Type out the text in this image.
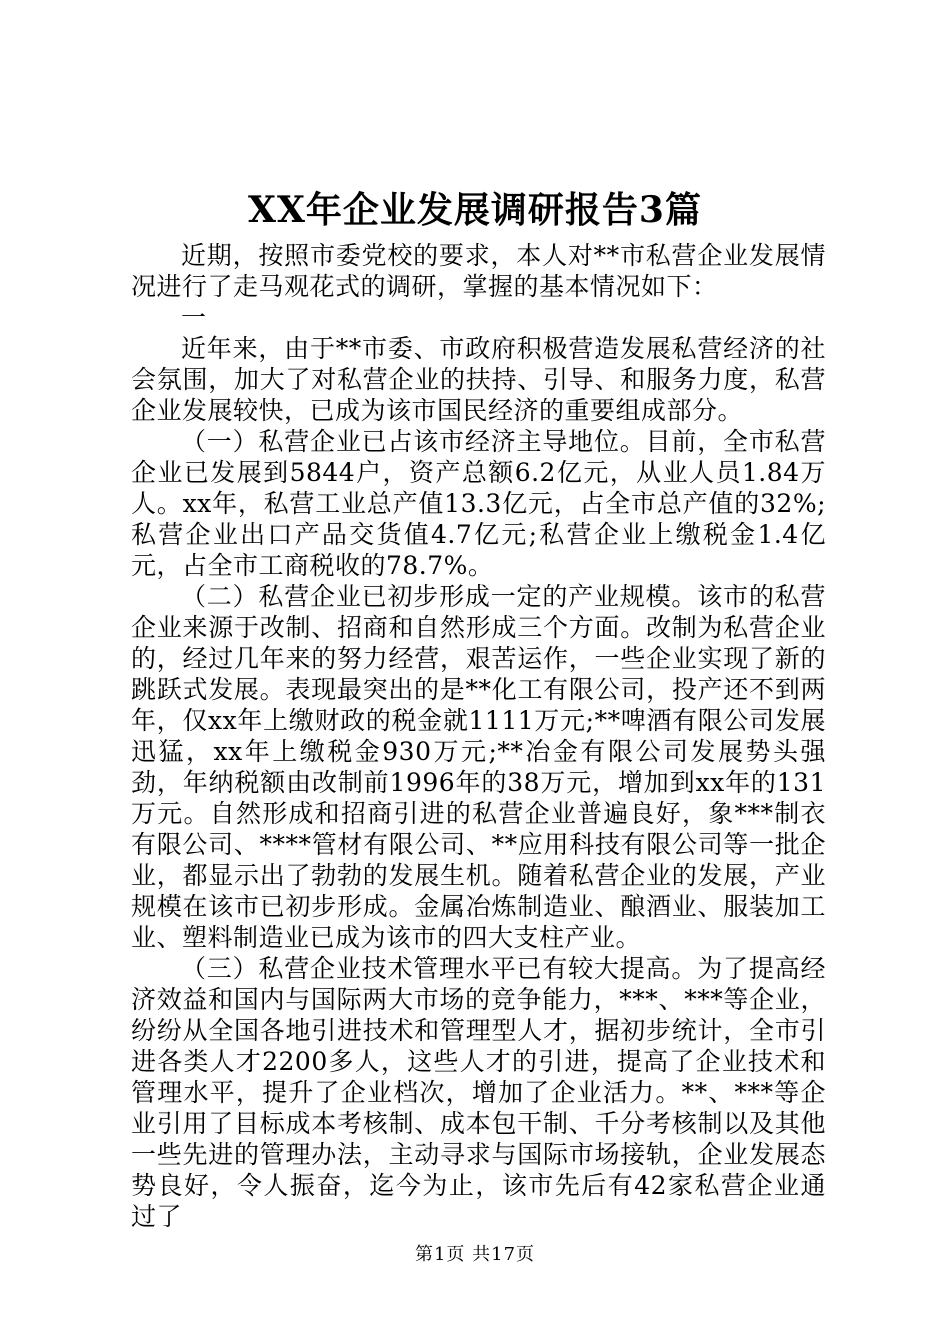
XX年企业发展调研报告3篇

近期，按照市委党校的要求，本人对**市私营企业发展情况进行了走马观花式的调研，掌握的基本情况如下：

一

近年来，由于**市委、市政府积极营造发展私营经济的社会氛围，加大了对私营企业的扶持、引导、和服务力度，私营企业发展较快，已成为该市国民经济的重要组成部分。

（一）私营企业已占该市经济主导地位。目前，全市私营企业已发展到5844户，资产总额6.2亿元，从业人员1.84万人。xx年，私营工业总产值13.3亿元，占全市总产值的32%;私营企业出口产品交货值4.7亿元;私营企业上缴税金1.4亿元，占全市工商税收的78.7%。

（二）私营企业已初步形成一定的产业规模。该市的私营企业来源于改制、招商和自然形成三个方面。改制为私营企业的，经过几年来的努力经营，艰苦运作，一些企业实现了新的跳跃式发展。表现最突出的是**化工有限公司，投产还不到两年，仅xx年上缴财政的税金就1111万元;**啤酒有限公司发展迅猛，xx年上缴税金930万元;**冶金有限公司发展势头强劲，年纳税额由改制前1996年的38万元，增加到xx年的131万元。自然形成和招商引进的私营企业普遍良好，象***制衣有限公司、****管材有限公司、**应用科技有限公司等一批企业，都显示出了勃勃的发展生机。随着私营企业的发展，产业规模在该市已初步形成。金属冶炼制造业、酿酒业、服装加工业、塑料制造业已成为该市的四大支柱产业。

（三）私营企业技术管理水平已有较大提高。为了提高经济效益和国内与国际两大市场的竞争能力，***、***等企业，纷纷从全国各地引进技术和管理型人才，据初步统计，全市引进各类人才2200多人，这些人才的引进，提高了企业技术和管理水平，提升了企业档次，增加了企业活力。**、***等企业引用了目标成本考核制、成本包干制、千分考核制以及其他一些先进的管理办法，主动寻求与国际市场接轨，企业发展态势良好，令人振奋，迄今为止，该市先后有42家私营企业通过了

第1页 共17页
